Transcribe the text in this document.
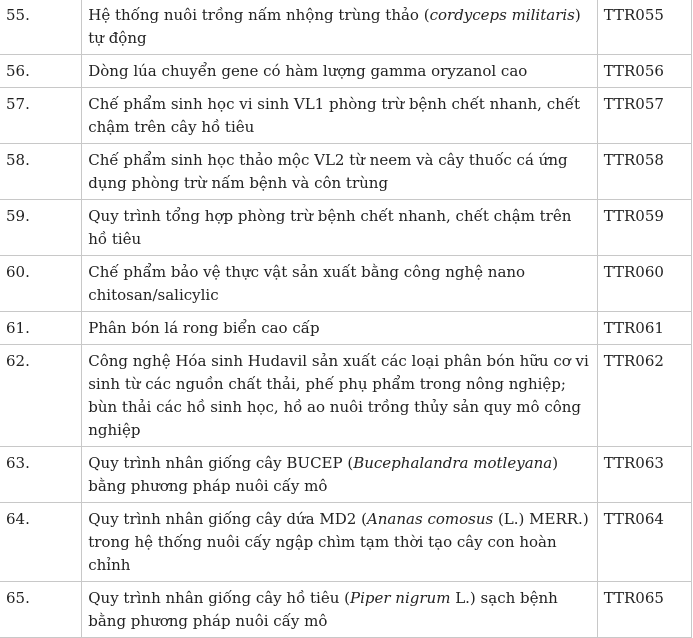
55.	Hệ thống nuôi trồng nấm nhộng trùng thảo (cordyceps militaris) tự động	TTR055
56.	Dòng lúa chuyển gene có hàm lượng gamma oryzanol cao	TTR056
57.	Chế phẩm sinh học vi sinh VL1 phòng trừ bệnh chết nhanh, chết chậm trên cây hồ tiêu	TTR057
58.	Chế phẩm sinh học thảo mộc VL2 từ neem và cây thuốc cá ứng dụng phòng trừ nấm bệnh và côn trùng	TTR058
59.	Quy trình tổng hợp phòng trừ bệnh chết nhanh, chết chậm trên hồ tiêu	TTR059
60.	Chế phẩm bảo vệ thực vật sản xuất bằng công nghệ nano chitosan/salicylic	TTR060
61.	Phân bón lá rong biển cao cấp	TTR061
62.	Công nghệ Hóa sinh Hudavil sản xuất các loại phân bón hữu cơ vi sinh từ các nguồn chất thải, phế phụ phẩm trong nông nghiệp; bùn thải các hồ sinh học, hồ ao nuôi trồng thủy sản quy mô công nghiệp	TTR062
63.	Quy trình nhân giống cây BUCEP (Bucephalandra motleyana) bằng phương pháp nuôi cấy mô	TTR063
64.	Quy trình nhân giống cây dứa MD2 (Ananas comosus (L.) MERR.) trong hệ thống nuôi cấy ngập chìm tạm thời tạo cây con hoàn chỉnh	TTR064
65.	Quy trình nhân giống cây hồ tiêu (Piper nigrum L.) sạch bệnh bằng phương pháp nuôi cấy mô	TTR065
